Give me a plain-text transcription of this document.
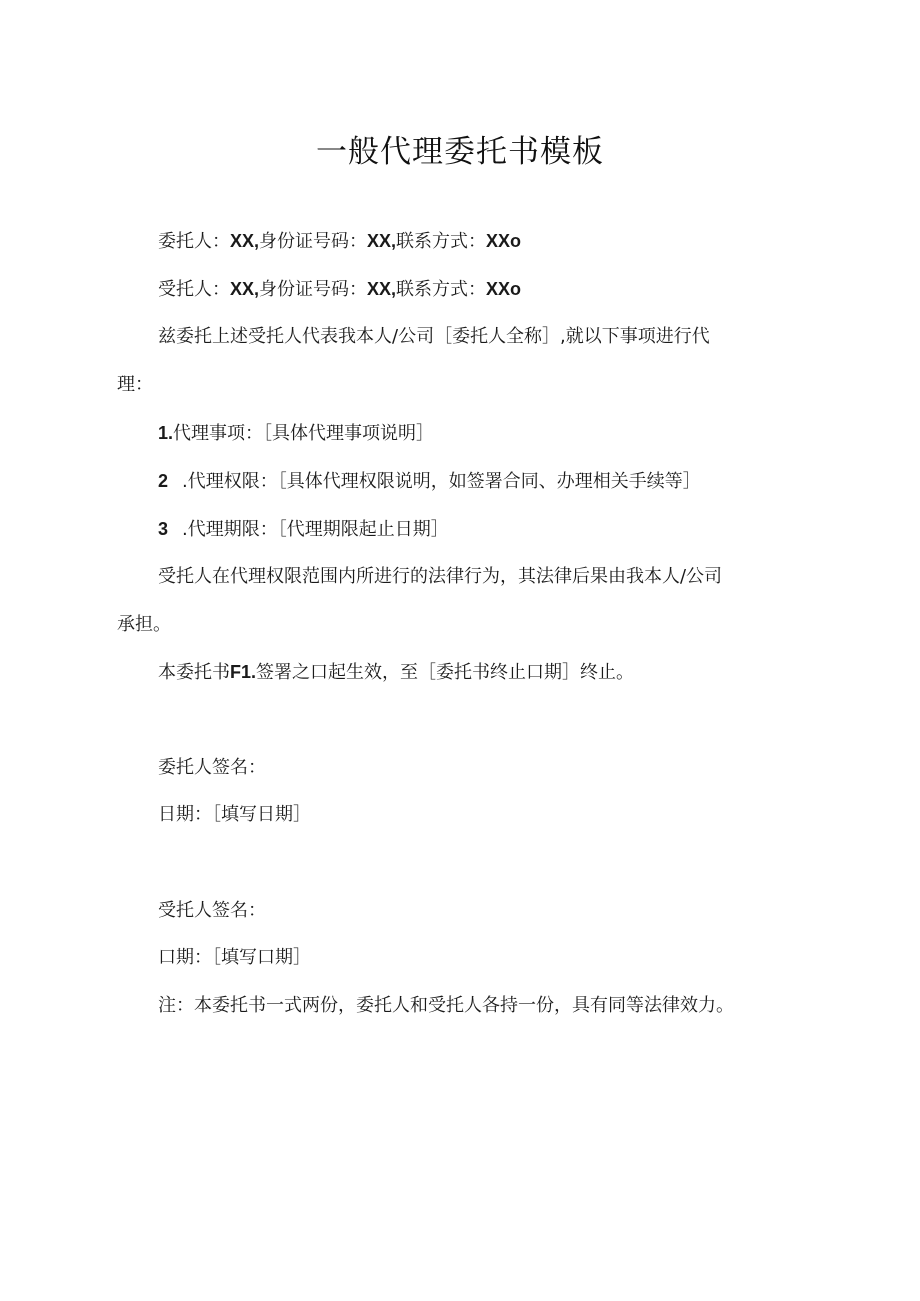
一般代理委托书模板
委托人：XX,身份证号码：XX,联系方式：XXo
受托人：XX,身份证号码：XX,联系方式：XXo
兹委托上述受托人代表我本人/公司［委托人全称］,就以下事项进行代
理：
1.代理事项：［具体代理事项说明］
2 .代理权限：［具体代理权限说明，如签署合同、办理相关手续等］
3 .代理期限：［代理期限起止日期］
受托人在代理权限范围内所进行的法律行为，其法律后果由我本人/公司
承担。
本委托书F1.签署之口起生效，至［委托书终止口期］终止。
委托人签名：
日期：［填写日期］
受托人签名：
口期：［填写口期］
注：本委托书一式两份，委托人和受托人各持一份，具有同等法律效力。
